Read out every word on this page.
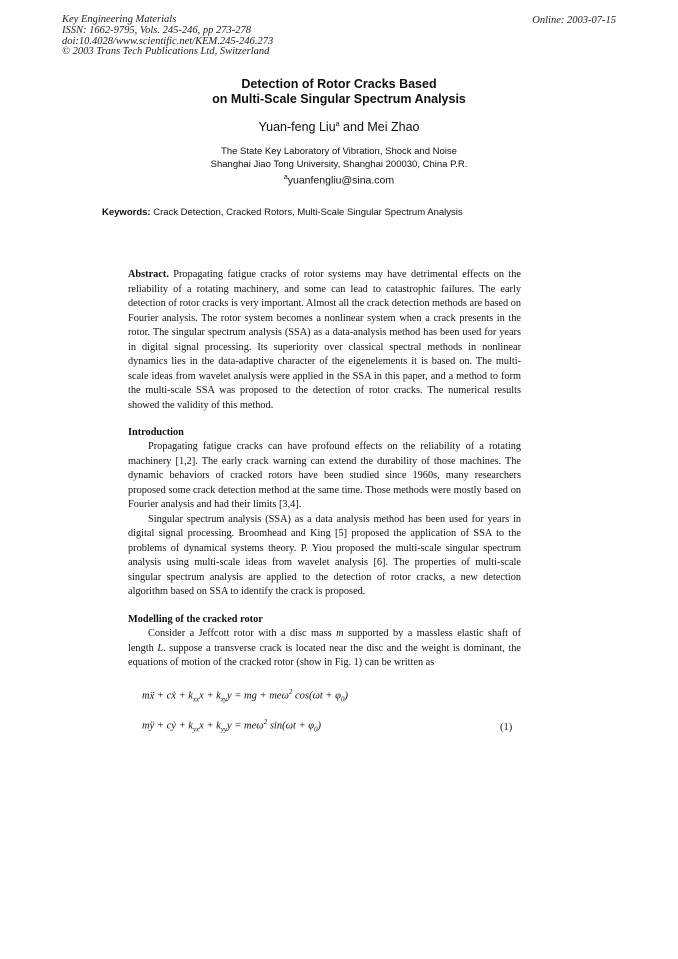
Key Engineering Materials
ISSN: 1662-9795, Vols. 245-246, pp 273-278
doi:10.4028/www.scientific.net/KEM.245-246.273
© 2003 Trans Tech Publications Ltd, Switzerland
Online: 2003-07-15
Detection of Rotor Cracks Based
on Multi-Scale Singular Spectrum Analysis
Yuan-feng Liu$^a$ and Mei Zhao
The State Key Laboratory of Vibration, Shock and Noise
Shanghai Jiao Tong University, Shanghai 200030, China P.R.
$^a$yuanfengliu@sina.com
Keywords: Crack Detection, Cracked Rotors, Multi-Scale Singular Spectrum Analysis
Abstract. Propagating fatigue cracks of rotor systems may have detrimental effects on the reliability of a rotating machinery, and some can lead to catastrophic failures. The early detection of rotor cracks is very important. Almost all the crack detection methods are based on Fourier analysis. The rotor system becomes a nonlinear system when a crack presents in the rotor. The singular spectrum analysis (SSA) as a data-analysis method has been used for years in digital signal processing. Its superiority over classical spectral methods in nonlinear dynamics lies in the data-adaptive character of the eigenelements it is based on. The multi-scale ideas from wavelet analysis were applied in the SSA in this paper, and a method to form the multi-scale SSA was proposed to the detection of rotor cracks. The numerical results showed the validity of this method.
Introduction

Propagating fatigue cracks can have profound effects on the reliability of a rotating machinery [1,2]. The early crack warning can extend the durability of those machines. The dynamic behaviors of cracked rotors have been studied since 1960s, many researchers proposed some crack detection method at the same time. Those methods were mostly based on Fourier analysis and had their limits [3,4].

Singular spectrum analysis (SSA) as a data analysis method has been used for years in digital signal processing. Broomhead and King [5] proposed the application of SSA to the problems of dynamical systems theory. P. Yiou proposed the multi-scale singular spectrum analysis using multi-scale ideas from wavelet analysis [6]. The properties of multi-scale singular spectrum analysis are applied to the detection of rotor cracks, a new detection algorithm based on SSA to identify the crack is proposed.

Modelling of the cracked rotor

Consider a Jeffcott rotor with a disc mass m supported by a massless elastic shaft of length L. suppose a transverse crack is located near the disc and the weight is dominant, the equations of motion of the cracked rotor (show in Fig. 1) can be written as

mẍ + cẋ + $k_{xx}x + k_{xy}y$ = mg + meω$^2$ $\cos(\omega t + \varphi_0)$
mÿ + cẏ + $k_{yx}x + k_{yy}y = me\omega^2$ $\sin(\omega t + \varphi_0)$	(1)
